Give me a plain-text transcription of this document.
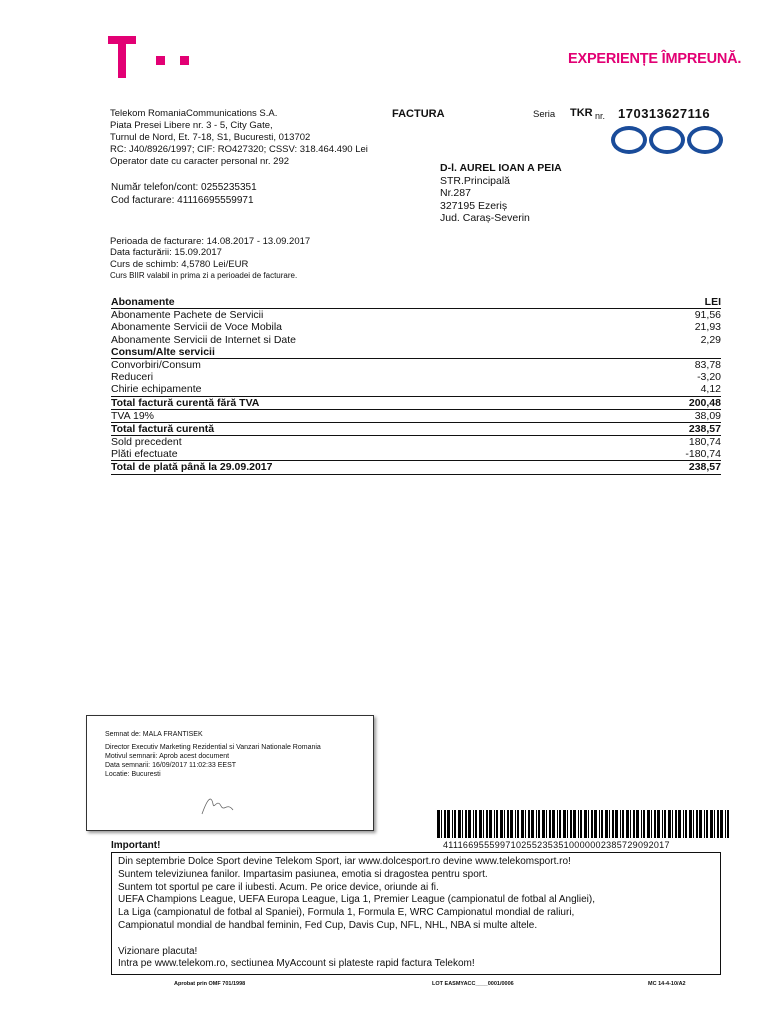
EXPERIENȚE ÎMPREUNĂ.
Telekom RomaniaCommunications S.A.
Piata Presei Libere nr. 3 - 5, City Gate,
Turnul de Nord, Et. 7-18, S1, Bucuresti, 013702
RC: J40/8926/1997; CIF: RO427320; CSSV: 318.464.490 Lei
Operator date cu caracter personal nr. 292
FACTURA	Seria TKR nr. 170313627116
D-l. AUREL IOAN A PEIA
STR.Principală
Nr.287
327195 Ezeriș
Jud. Caraș-Severin
Număr telefon/cont: 0255235351
Cod facturare: 41116695559971
Perioada de facturare: 14.08.2017 - 13.09.2017
Data facturării: 15.09.2017
Curs de schimb: 4,5780 Lei/EUR
Curs BIIR valabil in prima zi a perioadei de facturare.
Abonamente	LEI
Abonamente Pachete de Servicii	91,56
Abonamente Servicii de Voce Mobila	21,93
Abonamente Servicii de Internet si Date	2,29
Consum/Alte servicii
Convorbiri/Consum	83,78
Reduceri	-3,20
Chirie echipamente	4,12
Total factură curentă fără TVA	200,48
TVA 19%	38,09
Total factură curentă	238,57
Sold precedent	180,74
Plăti efectuate	-180,74
Total de plată până la 29.09.2017	238,57
Semnat de: MALA FRANTISEK
Director Executiv Marketing Rezidential si Vanzari Nationale Romania
Motivul semnarii: Aprob acest document
Data semnarii: 16/09/2017 11:02:33 EEST
Locatie: Bucuresti
411166955599710255235351000000238572909201​7
Important!
Din septembrie Dolce Sport devine Telekom Sport, iar www.dolcesport.ro devine www.telekomsport.ro!
Suntem televiziunea fanilor. Impartasim pasiunea, emotia si dragostea pentru sport.
Suntem tot sportul pe care il iubesti. Acum. Pe orice device, oriunde ai fi.
UEFA Champions League, UEFA Europa League, Liga 1, Premier League (campionatul de fotbal al Angliei),
La Liga (campionatul de fotbal al Spaniei), Formula 1, Formula E, WRC Campionatul mondial de raliuri,
Campionatul mondial de handbal feminin, Fed Cup, Davis Cup, NFL, NHL, NBA si multe altele.
Vizionare placuta!
Intra pe www.telekom.ro, sectiunea MyAccount si plateste rapid factura Telekom!
Aprobat prin OMF 701/1998	LOT EASMYACC____0001/0006	MC 14-4-10/A2
